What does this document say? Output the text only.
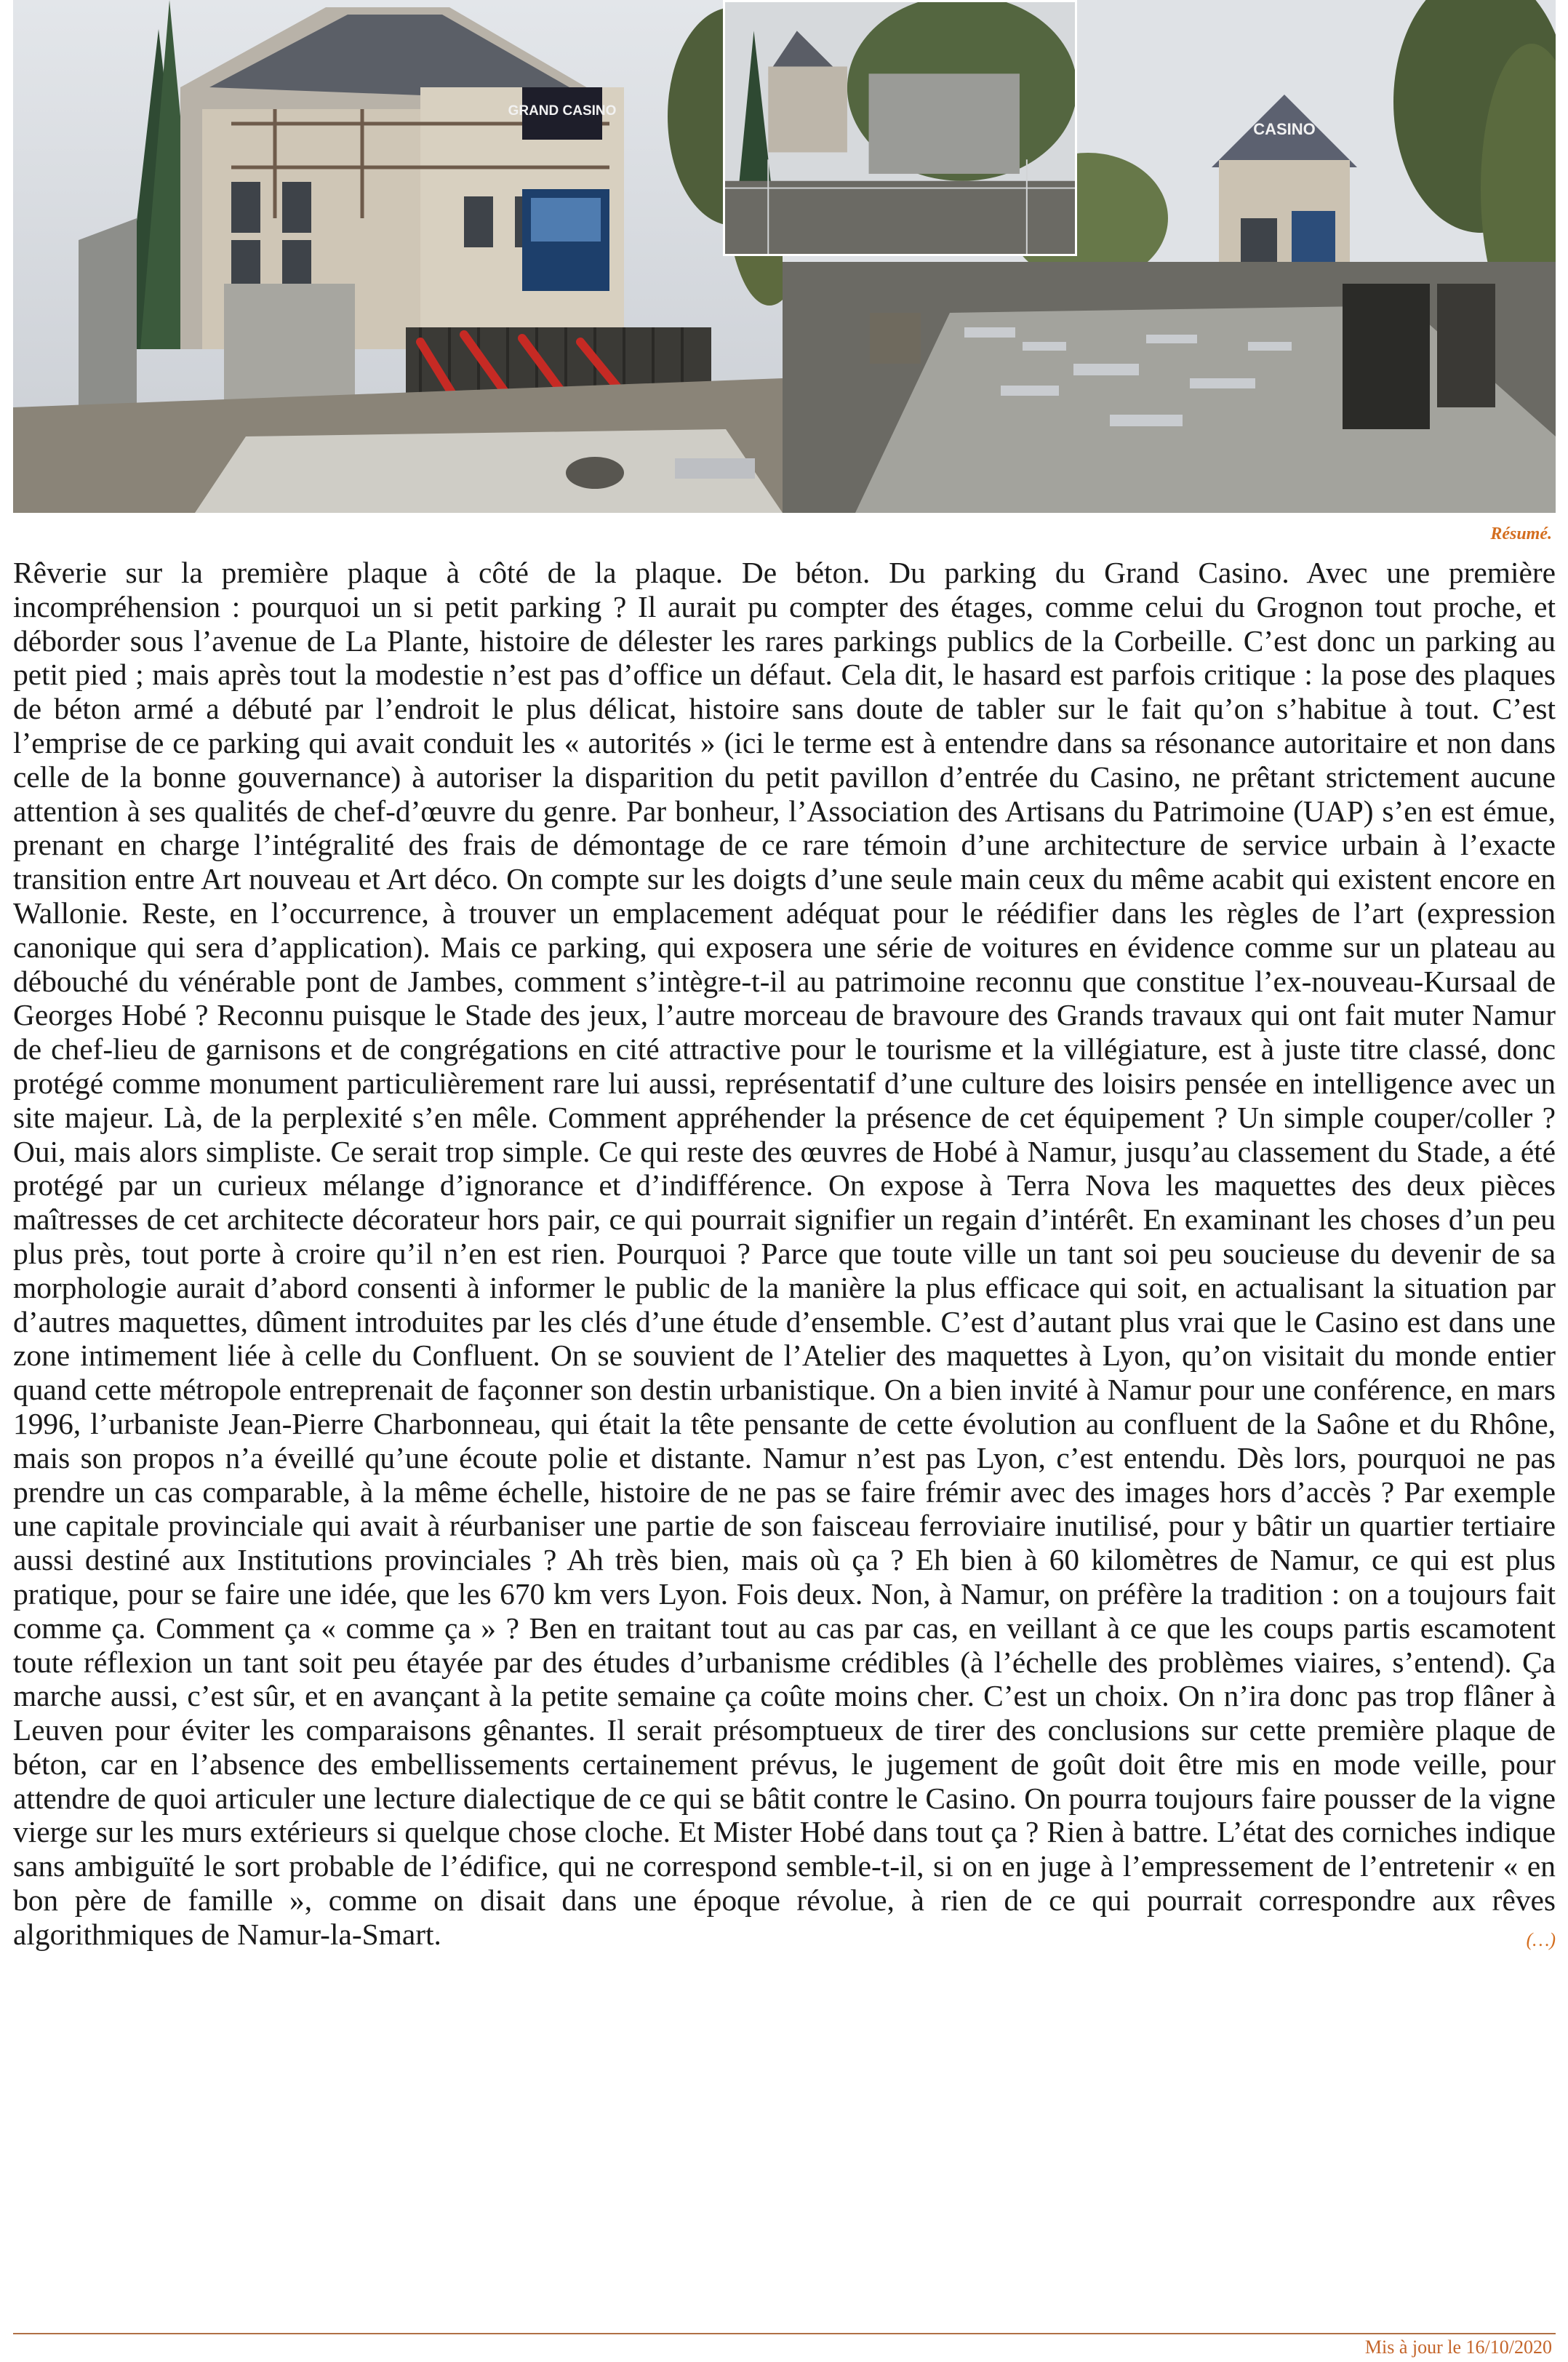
GRAND CASINO
CASINO
Résumé.

Rêverie sur la première plaque à côté de la plaque. De béton. Du parking du Grand Casino. Avec une première incompréhension : pourquoi un si petit parking ? Il aurait pu compter des étages, comme celui du Grognon tout proche, et déborder sous l’avenue de La Plante, histoire de délester les rares parkings publics de la Corbeille. C’est donc un parking au petit pied ; mais après tout la modestie n’est pas d’office un défaut. Cela dit, le hasard est parfois critique : la pose des plaques de béton armé a débuté par l’endroit le plus délicat, histoire sans doute de tabler sur le fait qu’on s’habitue à tout. C’est l’emprise de ce parking qui avait conduit les « autorités » (ici le terme est à entendre dans sa résonance autoritaire et non dans celle de la bonne gouvernance) à autoriser la disparition du petit pavillon d’entrée du Casino, ne prêtant strictement aucune attention à ses qualités de chef-d’œuvre du genre. Par bonheur, l’Association des Artisans du Patrimoine (UAP) s’en est émue, prenant en charge l’intégralité des frais de démontage de ce rare témoin d’une architecture de service urbain à l’exacte transition entre Art nouveau et Art déco. On compte sur les doigts d’une seule main ceux du même acabit qui existent encore en Wallonie. Reste, en l’occurrence, à trouver un emplacement adéquat pour le réédifier dans les règles de l’art (expression canonique qui sera d’application). Mais ce parking, qui exposera une série de voitures en évidence comme sur un plateau au débouché du vénérable pont de Jambes, comment s’intègre-t-il au patrimoine reconnu que constitue l’ex-nouveau-Kursaal de Georges Hobé ? Reconnu puisque le Stade des jeux, l’autre morceau de bravoure des Grands travaux qui ont fait muter Namur de chef-lieu de garnisons et de congrégations en cité attractive pour le tourisme et la villégiature, est à juste titre classé, donc protégé comme monument particulièrement rare lui aussi, représentatif d’une culture des loisirs pensée en intelligence avec un site majeur. Là, de la perplexité s’en mêle. Comment appréhender la présence de cet équipement ? Un simple couper/coller ? Oui, mais alors simpliste. Ce serait trop simple. Ce qui reste des œuvres de Hobé à Namur, jusqu’au classement du Stade, a été protégé par un curieux mélange d’ignorance et d’indifférence. On expose à Terra Nova les maquettes des deux pièces maîtresses de cet architecte décorateur hors pair, ce qui pourrait signifier un regain d’intérêt. En examinant les choses d’un peu plus près, tout porte à croire qu’il n’en est rien. Pourquoi ? Parce que toute ville un tant soi peu soucieuse du devenir de sa morphologie aurait d’abord consenti à informer le public de la manière la plus efficace qui soit, en actualisant la situation par d’autres maquettes, dûment introduites par les clés d’une étude d’ensemble. C’est d’autant plus vrai que le Casino est dans une zone intimement liée à celle du Confluent. On se souvient de l’Atelier des maquettes à Lyon, qu’on visitait du monde entier quand cette métropole entreprenait de façonner son destin urbanistique. On a bien invité à Namur pour une conférence, en mars 1996, l’urbaniste Jean-Pierre Charbonneau, qui était la tête pensante de cette évolution au confluent de la Saône et du Rhône, mais son propos n’a éveillé qu’une écoute polie et distante. Namur n’est pas Lyon, c’est entendu. Dès lors, pourquoi ne pas prendre un cas comparable, à la même échelle, histoire de ne pas se faire frémir avec des images hors d’accès ? Par exemple une capitale provinciale qui avait à réurbaniser une partie de son faisceau ferroviaire inutilisé, pour y bâtir un quartier tertiaire aussi destiné aux Institutions provinciales ? Ah très bien, mais où ça ? Eh bien à 60 kilomètres de Namur, ce qui est plus pratique, pour se faire une idée, que les 670 km vers Lyon. Fois deux. Non, à Namur, on préfère la tradition : on a toujours fait comme ça. Comment ça « comme ça » ? Ben en traitant tout au cas par cas, en veillant à ce que les coups partis escamotent toute réflexion un tant soit peu étayée par des études d’urbanisme crédibles (à l’échelle des problèmes viaires, s’entend). Ça marche aussi, c’est sûr, et en avançant à la petite semaine ça coûte moins cher. C’est un choix. On n’ira donc pas trop flâner à Leuven pour éviter les comparaisons gênantes. Il serait présomptueux de tirer des conclusions sur cette première plaque de béton, car en l’absence des embellissements certainement prévus, le jugement de goût doit être mis en mode veille, pour attendre de quoi articuler une lecture dialectique de ce qui se bâtit contre le Casino. On pourra toujours faire pousser de la vigne vierge sur les murs extérieurs si quelque chose cloche. Et Mister Hobé dans tout ça ? Rien à battre. L’état des corniches indique sans ambiguïté le sort probable de l’édifice, qui ne correspond semble-t-il, si on en juge à l’empressement de l’entretenir « en bon père de famille », comme on disait dans une époque révolue, à rien de ce qui pourrait correspondre aux rêves algorithmiques de Namur-la-Smart.	(…)

Mis à jour le 16/10/2020
